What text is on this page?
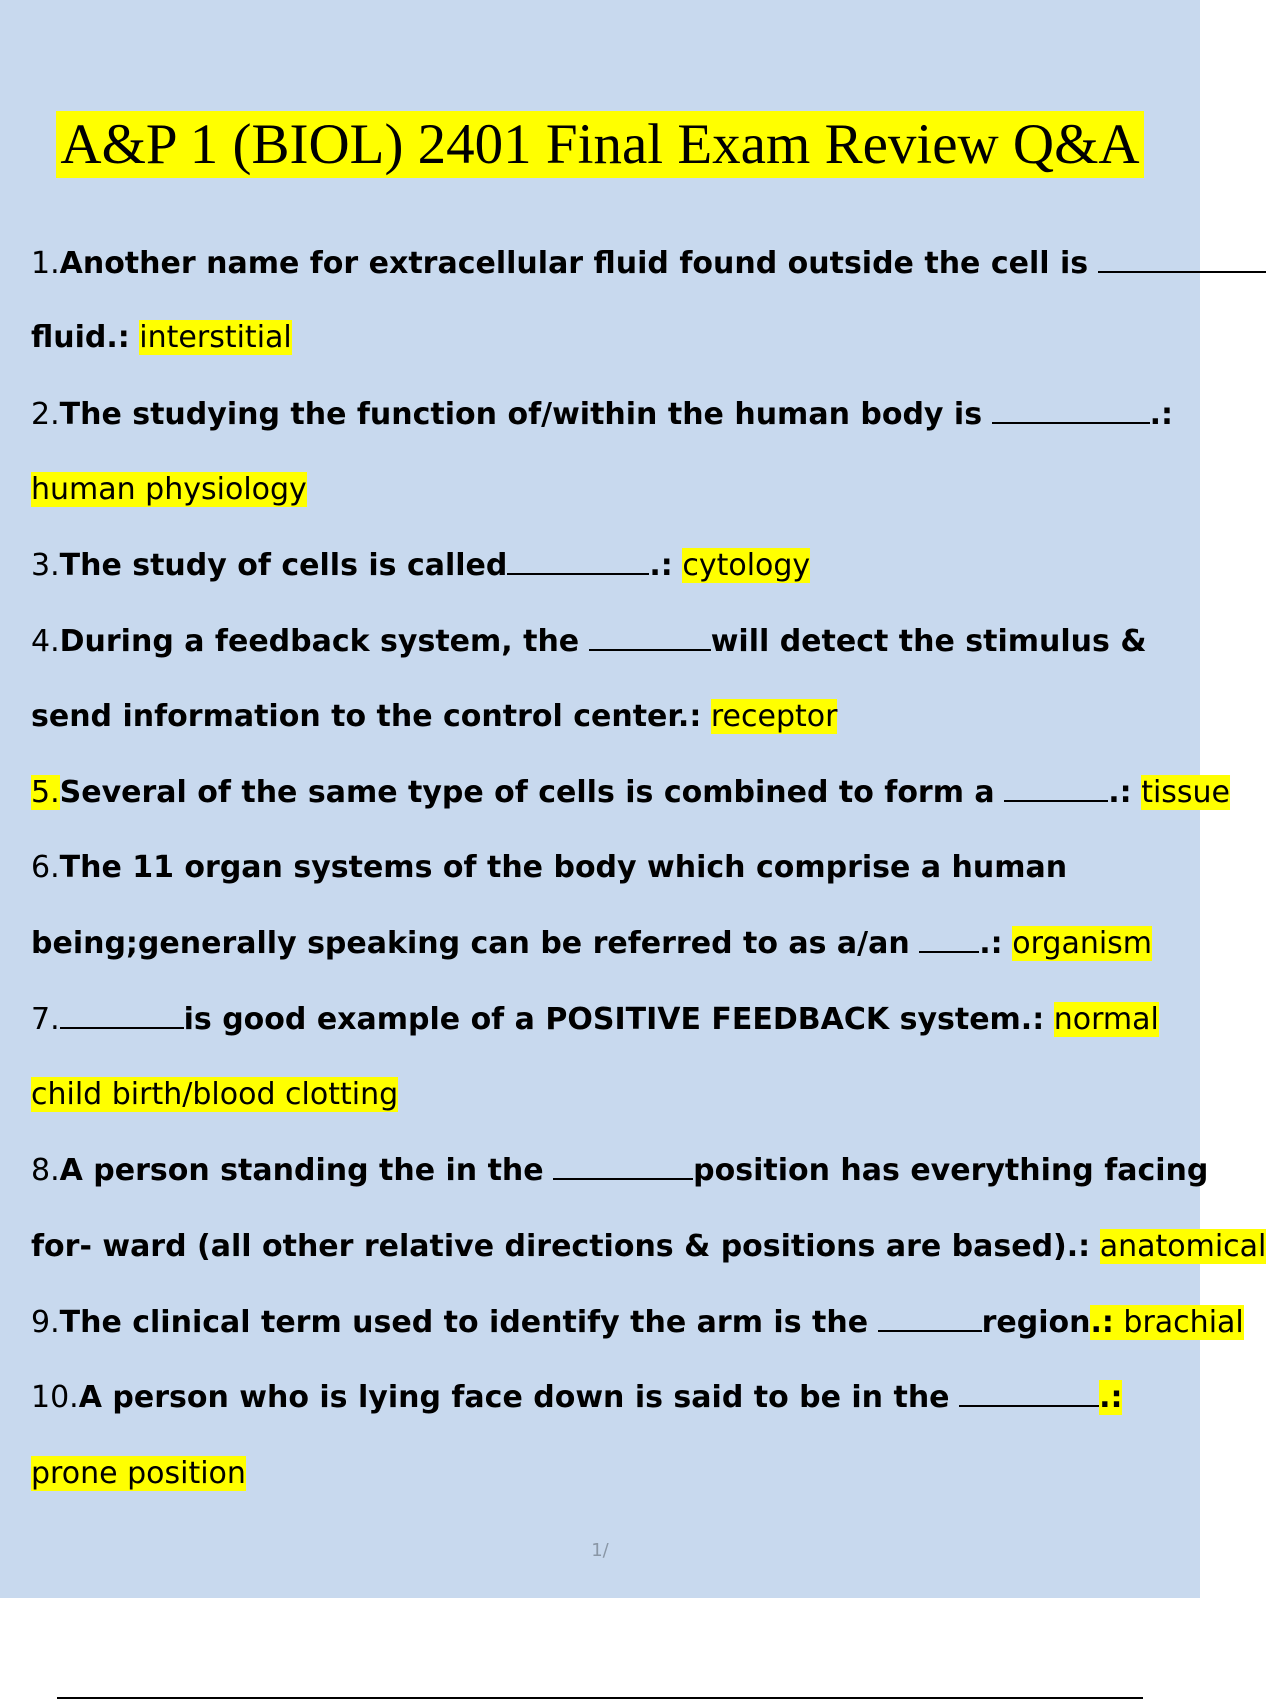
A&P 1 (BIOL) 2401 Final Exam Review Q&A
1.Another name for extracellular fluid found outside the cell is
fluid.: interstitial
2.The studying the function of/within the human body is	.:
human physiology
3.The study of cells is called	.: cytology
4.During a feedback system, the	will detect the stimulus &
send information to the control center.: receptor
5.Several of the same type of cells is combined to form a	.: tissue
6.The 11 organ systems of the body which comprise a human
being;generally speaking can be referred to as a/an .: organism
7.	is good example of a POSITIVE FEEDBACK system.: normal
child birth/blood clotting
8.A person standing the in the	position has everything facing
for- ward (all other relative directions & positions are based).: anatomical
9.The clinical term used to identify the arm is the	region.: brachial
10.A person who is lying face down is said to be in the	.:
prone position
1/
